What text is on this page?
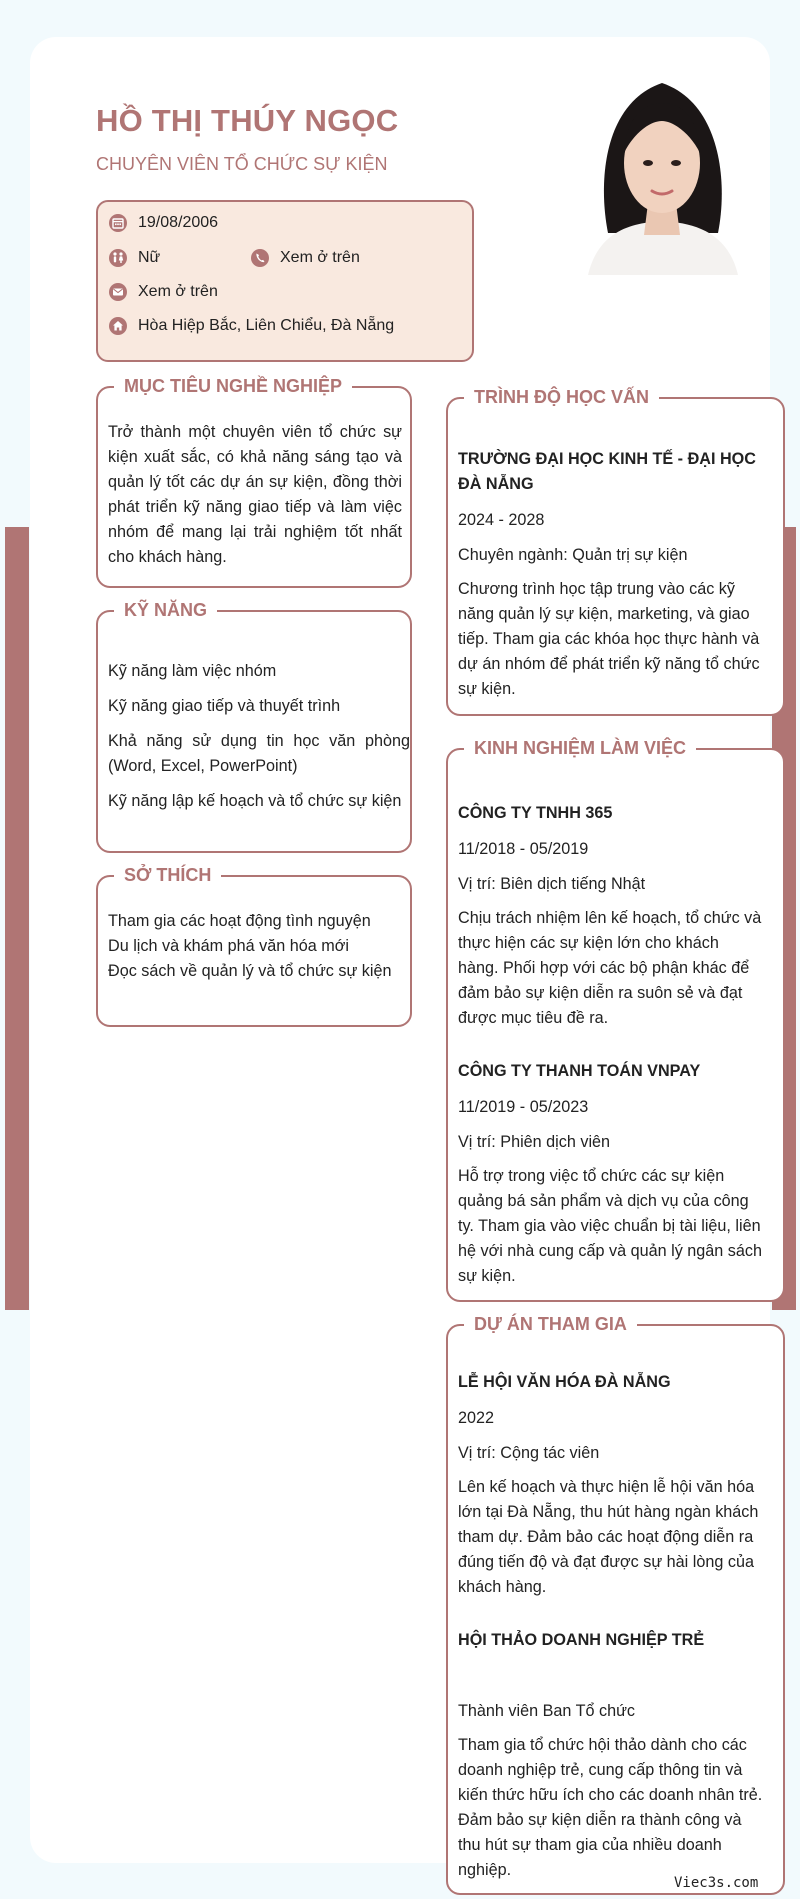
HỒ THỊ THÚY NGỌC
CHUYÊN VIÊN TỔ CHỨC SỰ KIỆN
19/08/2006
Nữ	Xem ở trên
Xem ở trên
Hòa Hiệp Bắc, Liên Chiểu, Đà Nẵng
MỤC TIÊU NGHỀ NGHIỆP
Trở thành một chuyên viên tổ chức sự kiện xuất sắc, có khả năng sáng tạo và quản lý tốt các dự án sự kiện, đồng thời phát triển kỹ năng giao tiếp và làm việc nhóm để mang lại trải nghiệm tốt nhất cho khách hàng.
KỸ NĂNG
Kỹ năng làm việc nhóm
Kỹ năng giao tiếp và thuyết trình
Khả năng sử dụng tin học văn phòng (Word, Excel, PowerPoint)
Kỹ năng lập kế hoạch và tổ chức sự kiện
SỞ THÍCH
Tham gia các hoạt động tình nguyện
Du lịch và khám phá văn hóa mới
Đọc sách về quản lý và tổ chức sự kiện
TRÌNH ĐỘ HỌC VẤN
TRƯỜNG ĐẠI HỌC KINH TẾ - ĐẠI HỌC ĐÀ NẴNG
2024 - 2028
Chuyên ngành: Quản trị sự kiện
Chương trình học tập trung vào các kỹ năng quản lý sự kiện, marketing, và giao tiếp. Tham gia các khóa học thực hành và dự án nhóm để phát triển kỹ năng tổ chức sự kiện.
KINH NGHIỆM LÀM VIỆC
CÔNG TY TNHH 365
11/2018 - 05/2019
Vị trí: Biên dịch tiếng Nhật
Chịu trách nhiệm lên kế hoạch, tổ chức và thực hiện các sự kiện lớn cho khách hàng. Phối hợp với các bộ phận khác để đảm bảo sự kiện diễn ra suôn sẻ và đạt được mục tiêu đề ra.
CÔNG TY THANH TOÁN VNPAY
11/2019 - 05/2023
Vị trí: Phiên dịch viên
Hỗ trợ trong việc tổ chức các sự kiện quảng bá sản phẩm và dịch vụ của công ty. Tham gia vào việc chuẩn bị tài liệu, liên hệ với nhà cung cấp và quản lý ngân sách sự kiện.
DỰ ÁN THAM GIA
LỄ HỘI VĂN HÓA ĐÀ NẴNG
2022
Vị trí: Cộng tác viên
Lên kế hoạch và thực hiện lễ hội văn hóa lớn tại Đà Nẵng, thu hút hàng ngàn khách tham dự. Đảm bảo các hoạt động diễn ra đúng tiến độ và đạt được sự hài lòng của khách hàng.
HỘI THẢO DOANH NGHIỆP TRẺ
Thành viên Ban Tổ chức
Tham gia tổ chức hội thảo dành cho các doanh nghiệp trẻ, cung cấp thông tin và kiến thức hữu ích cho các doanh nhân trẻ. Đảm bảo sự kiện diễn ra thành công và thu hút sự tham gia của nhiều doanh nghiệp.
Viec3s.com
